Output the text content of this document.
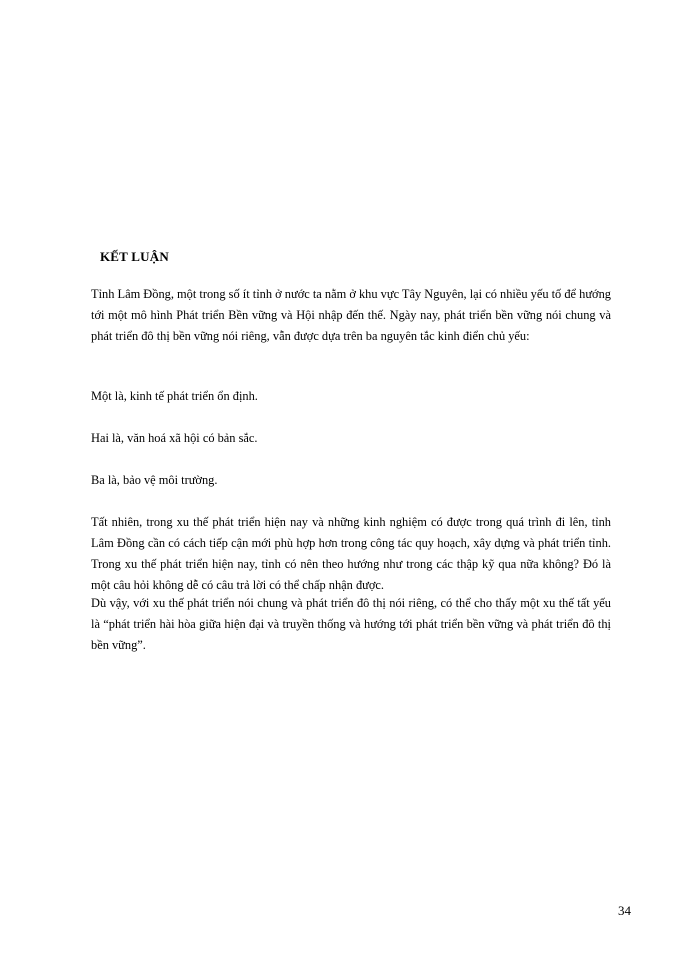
KẾT LUẬN

Tỉnh Lâm Đồng, một trong số ít tỉnh ở nước ta nằm ở khu vực Tây Nguyên, lại có nhiều yếu tố để hướng tới một mô hình Phát triển Bền vững và Hội nhập đến thế. Ngày nay, phát triển bền vững nói chung và phát triển đô thị bền vững nói riêng, vẫn được dựa trên ba nguyên tắc kinh điển chủ yếu:

Một là, kinh tế phát triển ổn định.

Hai là, văn hoá xã hội có bản sắc.

Ba là, bảo vệ môi trường.

Tất nhiên, trong xu thế phát triển hiện nay và những kinh nghiệm có được trong quá trình đi lên, tỉnh Lâm Đồng cần có cách tiếp cận mới phù hợp hơn trong công tác quy hoạch, xây dựng và phát triển tỉnh. Trong xu thế phát triển hiện nay, tỉnh có nên theo hướng như trong các thập kỹ qua nữa không? Đó là một câu hỏi không dễ có câu trả lời có thể chấp nhận được.

Dù vậy, với xu thế phát triển nói chung và phát triển đô thị nói riêng, có thể cho thấy một xu thế tất yếu là “phát triển hài hòa giữa hiện đại và truyền thống và hướng tới phát triển bền vững và phát triển đô thị bền vững”.

34
